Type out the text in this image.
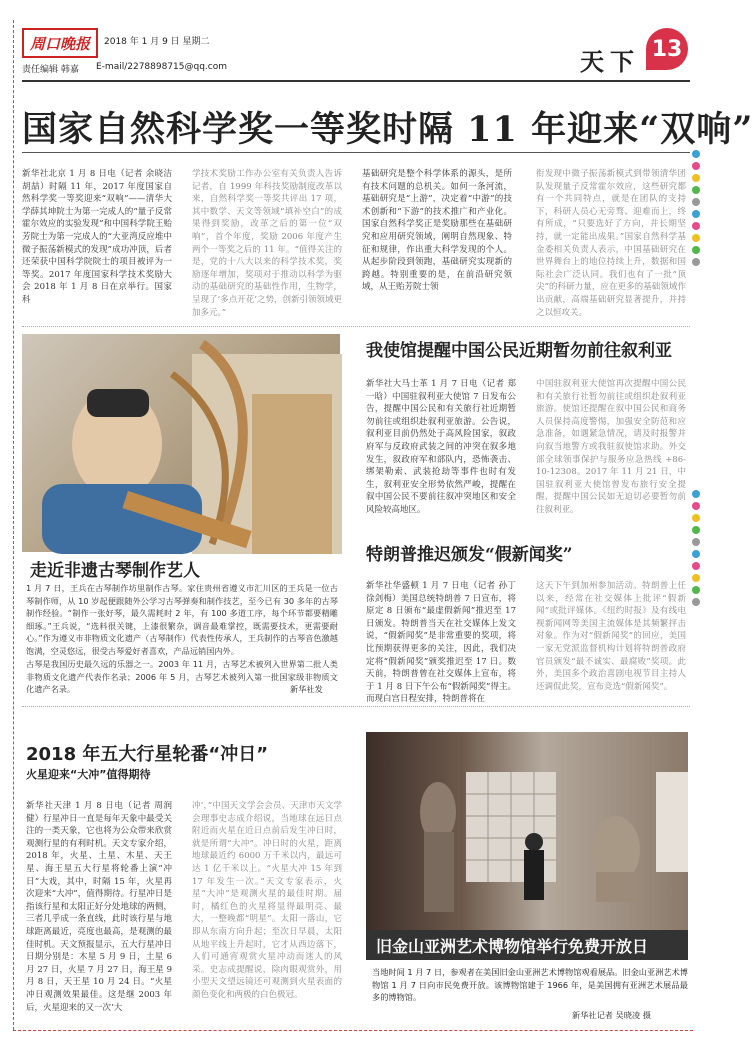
周口晚报	2018 年 1 月 9 日 星期二
责任编辑 韩嘉 E-mail/2278898715@qq.com	天下 13
国家自然科学奖一等奖时隔 11 年迎来“双响”
新华社北京 1 月 8 日电（记者 余晓洁 胡喆）时隔 11 年，2017 年度国家自然科学奖一等奖迎来“双响”——清华大学薛其坤院士为第一完成人的“量子反常霍尔效应的实验发现”和中国科学院王贻芳院士为第一完成人的“大亚湾反应堆中微子振荡新模式的发现”成功冲顶，后者还荣获中国科学院院士的项目被评为一等奖。2017 年度国家科学技术奖励大会 2018 年 1 月 8 日在京举行。国家科
学技术奖励工作办公室有关负责人告诉记者，自 1999 年科技奖励制度改革以来，自然科学奖一等奖共评出 17 项，其中数学、天文等领域“填补空白”的成果得到奖励，改革之后的第一位“双响”，首个年度，奖励 2006 年度产生两个一等奖之后的 11 年。“值得关注的是，党的十八大以来的科学技术奖，奖励逐年增加，奖项对于推动以科学为驱动的基础研究的基础性作用，生物学，呈现了‘多点开花’之势，创新引领领域更加多元。”
基础研究是整个科学体系的源头，是所有技术问题的总机关。如何一条河流，基础研究是“上游”，决定着“中游”的技术创新和“下游”的技术推广和产业化。国家自然科学奖正是奖励那些在基础研究和应用研究领域，阐明自然现象、特征和规律，作出重大科学发现的个人。从起步阶段到领跑，基础研究实现新的跨越。特别重要的是，在前沿研究领域，从王贻芳院士领
衔发现中微子振荡新模式到带领清华团队发现量子反常霍尔效应，这些研究都有一个共同特点，就是在团队的支持下，科研人员心无旁骛、迎难而上，终有所成，“只要选好了方向，并长期坚持，就一定能出成果。”国家自然科学基金委相关负责人表示，中国基础研究在世界舞台上的地位持续上升，数据和国际社会广泛认同。我们也有了一批“顶尖”的科研力量，应在更多的基础领域作出贡献，高端基础研究显著提升，并持之以恒攻关。
走近非遗古琴制作艺人
1 月 7 日，王兵在古琴制作坊里制作古琴。家住贵州省遵义市汇川区的王兵是一位古琴制作师，从 10 岁起便跟随外公学习古琴弹奏和制作技艺，至今已有 30 多年的古琴制作经验。“制作一张好琴，最久需耗时 2 年，有 100 多道工序，每个环节都要精雕细琢。”王兵说，“选料很关键，上漆很繁杂，调音最难掌控，既需要技术，更需要耐心。”作为遵义市非物质文化遗产（古琴制作）代表性传承人，王兵制作的古琴音色激越饱满，空灵悠远，很受古琴爱好者喜欢，产品远销国内外。
古琴是我国历史最久远的乐器之一。2003 年 11 月，古琴艺术被列入世界第二批人类非物质文化遗产代表作名录；2006 年 5 月，古琴艺术被列入第一批国家级非物质文化遗产名录。	新华社发
我使馆提醒中国公民近期暂勿前往叙利亚
新华社大马士革 1 月 7 日电（记者 郑一晗）中国驻叙利亚大使馆 7 日发布公告，提醒中国公民和有关旅行社近期暂勿前往或组织赴叙利亚旅游。公告说，叙利亚目前仍然处于高风险国家，叙政府军与反政府武装之间的冲突在叙多地发生，叙政府军和部队内，恐怖袭击、绑架勒索、武装抢劫等事件也时有发生，叙利亚安全形势依然严峻，提醒在叙中国公民不要前往叙冲突地区和安全风险较高地区。
中国驻叙利亚大使馆再次提醒中国公民和有关旅行社暂勿前往或组织赴叙利亚旅游。使馆还提醒在叙中国公民和商务人员保持高度警惕，加强安全防范和应急准备，如遇紧急情况，请及时报警并向叙当地警方或我驻叙使馆求助。外交部全球领事保护与服务应急热线 +86-10-12308。2017 年 11 月 21 日，中国驻叙利亚大使馆曾发布旅行安全提醒，提醒中国公民如无迫切必要暂勿前往叙利亚。
特朗普推迟颁发“假新闻奖”
新华社华盛顿 1 月 7 日电（记者 孙丁 徐剑梅）美国总统特朗普 7 日宣布，将原定 8 日颁布“最虚假新闻”推迟至 17 日颁发。特朗普当天在社交媒体上发文说，“假新闻奖”是非常重要的奖项，将比预期获得更多的关注，因此，我们决定将“假新闻奖”颁奖推迟至 17 日。数天前，特朗普曾在社交媒体上宣布，将于 1 月 8 日下午公布“假新闻奖”得主。而现白宫日程安排，特朗普将在
这天下午到加州参加活动。特朗普上任以来，经常在社交媒体上批评“假新闻”或批评媒体。《纽约时报》及有线电视新闻网等美国主流媒体是其频繁抨击对象。作为对“假新闻奖”的回应，美国一家无党派监督机构计划将特朗普政府官员颁发“最不诚实、最腐败”奖项。此外，美国多个政治喜剧电视节目主持人还调侃此奖，宣布竞选“假新闻奖”。
2018 年五大行星轮番“冲日”
火星迎来“大冲”值得期待
新华社天津 1 月 8 日电（记者 周润健）行星冲日一直是每年天象中最受关注的一类天象，它也将为公众带来欣赏观测行星的有利时机。天文专家介绍，2018 年，火星、土星、木星、天王星、海王星五大行星将轮番上演“冲日”大戏，其中，时隔 15 年，火星再次迎来“大冲”，值得期待。行星冲日是指该行星和太阳正好分处地球的两侧，三者几乎成一条直线，此时该行星与地球距离最近，亮度也最高，是观测的最佳时机。天文预报显示，五大行星冲日日期分别是：木星 5 月 9 日，土星 6 月 27 日，火星 7 月 27 日，海王星 9 月 8 日，天王星 10 月 24 日。“火星冲日观测效果最佳。这是继 2003 年后，火星迎来的又一次‘大
冲’，”中国天文学会会员、天津市天文学会理事史志成介绍说，当地球在远日点附近而火星在近日点前后发生冲日时，就是所谓“大冲”。冲日时的火星，距离地球最近约 6000 万千米以内，最远可达 1 亿千米以上。“火星大冲 15 年到 17 年发生一次。”天文专家表示，火星“大冲”是观测火星的最佳时期。届时，橘红色的火星将显得最明亮、最大，一整晚都“明星”。太阳一落山，它即从东南方向升起；至次日早晨，太阳从地平线上升起时，它才从西边落下，人们可通宵观赏火星冲动而迷人的风采。史志成提醒说，除肉眼观赏外，用小型天文望远镜还可观测到火星表面的颜色变化和两极的白色极冠。
旧金山亚洲艺术博物馆举行免费开放日
当地时间 1 月 7 日，参观者在美国旧金山亚洲艺术博物馆观看展品。旧金山亚洲艺术博物馆 1 月 7 日向市民免费开放。该博物馆建于 1966 年，是美国拥有亚洲艺术展品最多的博物馆。
新华社记者 吴晓凌 摄
